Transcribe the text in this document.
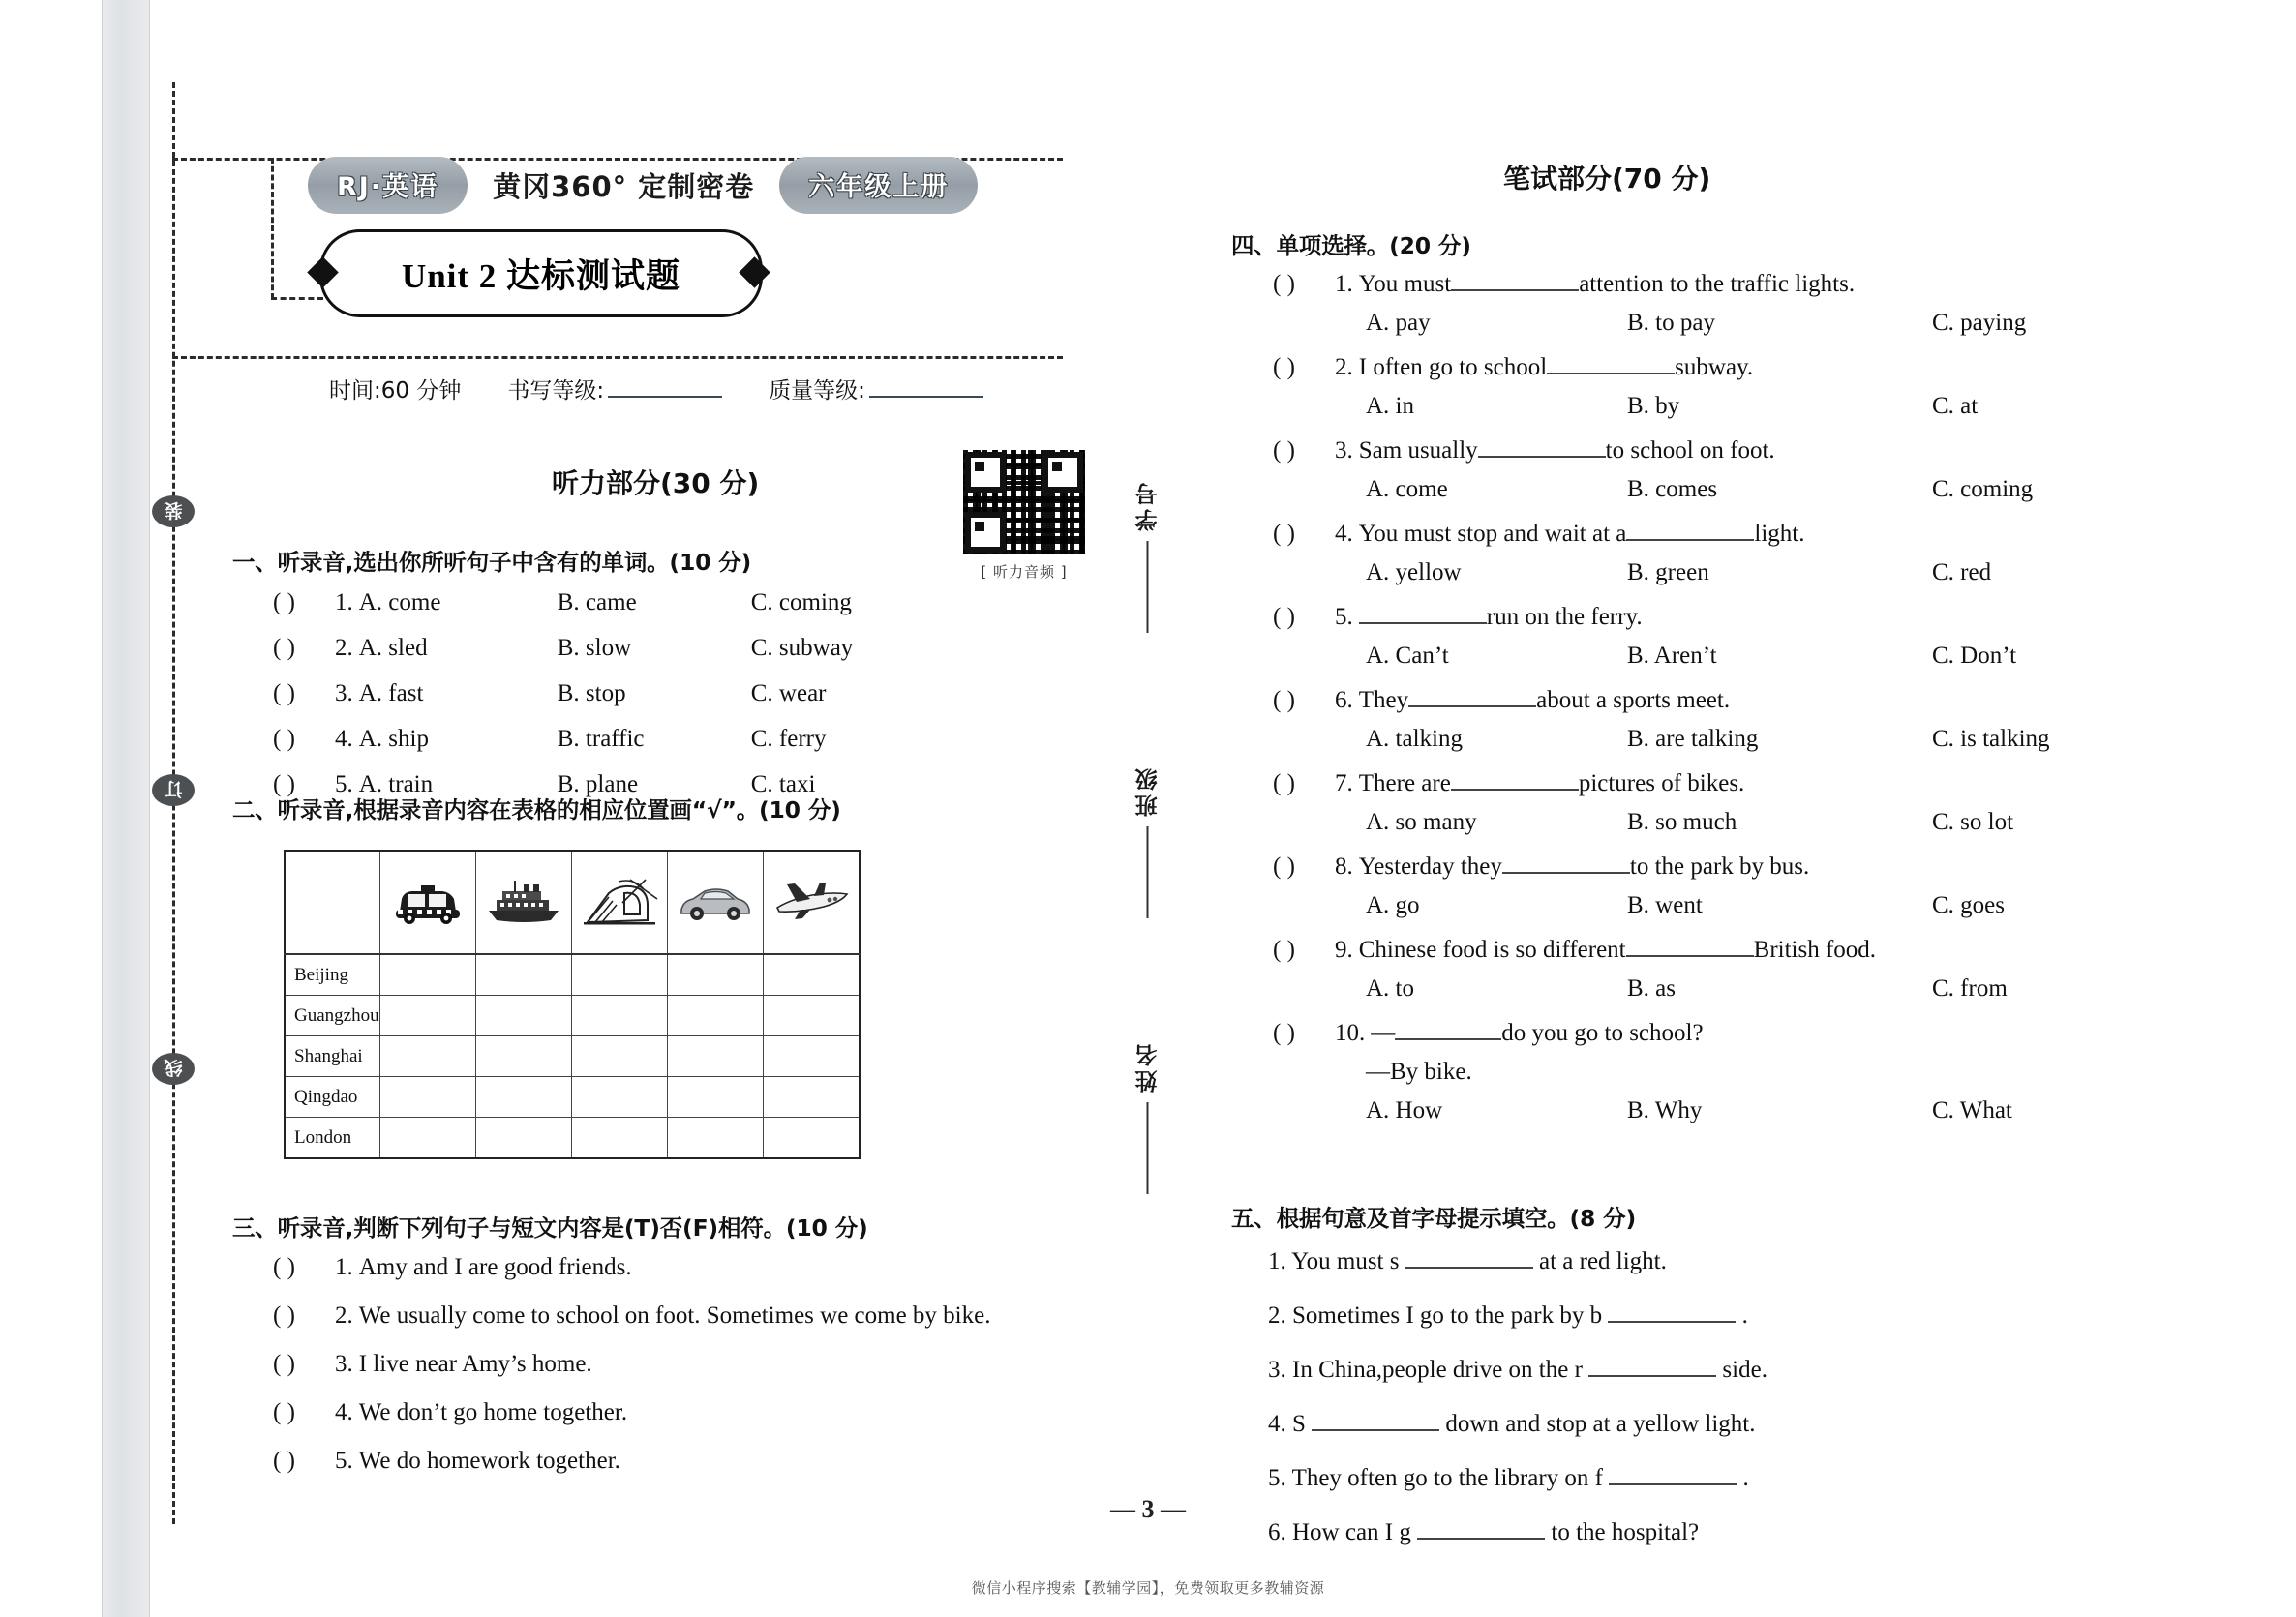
学号
班级
姓名
装
订
线
RJ·英语	黄冈360° 定制密卷	六年级上册
Unit 2 达标测试题
时间:60 分钟 书写等级:	质量等级:
听力部分(30 分)
[ 听力音频 ]
一、听录音,选出你所听句子中含有的单词。(10 分)
( )	1. A. come	B. came	C. coming
( )	2. A. sled	B. slow	C. subway
( )	3. A. fast	B. stop	C. wear
( )	4. A. ship	B. traffic	C. ferry
( )	5. A. train	B. plane	C. taxi
二、听录音,根据录音内容在表格的相应位置画“√”。(10 分)

Beijing					
Guangzhou					
Shanghai					
Qingdao					
London					
三、听录音,判断下列句子与短文内容是(T)否(F)相符。(10 分)
( )	1. Amy and I are good friends.
( )	2. We usually come to school on foot. Sometimes we come by bike.
( )	3. I live near Amy’s home.
( )	4. We don’t go home together.
( )	5. We do homework together.
笔试部分(70 分)
四、单项选择。(20 分)
( )	1. You must	attention to the traffic lights.
A. pay	B. to pay	C. paying
( )	2. I often go to school	subway.
A. in	B. by	C. at
( )	3. Sam usually	to school on foot.
A. come	B. comes	C. coming
( )	4. You must stop and wait at a	light.
A. yellow	B. green	C. red
( )	5.	run on the ferry.
A. Can’t	B. Aren’t	C. Don’t
( )	6. They	about a sports meet.
A. talking	B. are talking	C. is talking
( )	7. There are	pictures of bikes.
A. so many	B. so much	C. so lot
( )	8. Yesterday they	to the park by bus.
A. go	B. went	C. goes
( )	9. Chinese food is so different	British food.
A. to	B. as	C. from
( )	10. —	do you go to school?
—By bike.
A. How	B. Why	C. What
五、根据句意及首字母提示填空。(8 分)
1. You must s	at a red light.
2. Sometimes I go to the park by b	.
3. In China,people drive on the r	side.
4. S	down and stop at a yellow light.
5. They often go to the library on f	.
6. How can I g	to the hospital?
— 3 —
微信小程序搜索【教辅学园】，免费领取更多教辅资源
